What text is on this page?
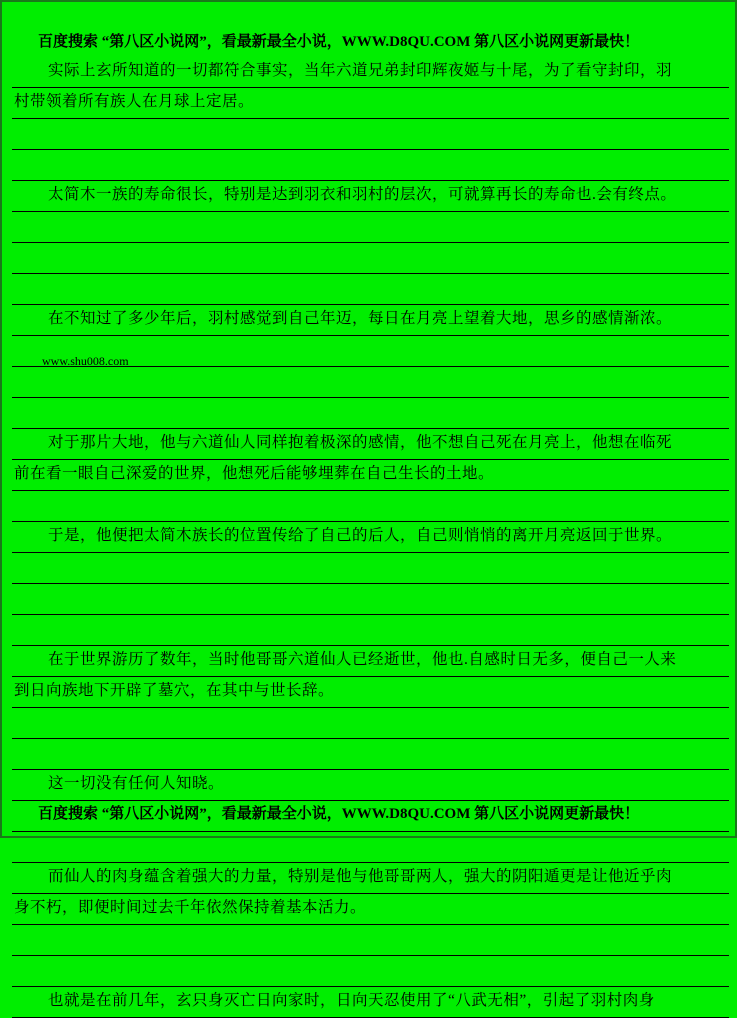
百度搜索 “第八区小说网”，看最新最全小说，WWW.D8QU.COM 第八区小说网更新最快！
实际上玄所知道的一切都符合事实，当年六道兄弟封印辉夜姬与十尾，为了看守封印，羽
村带领着所有族人在月球上定居。
太简木一族的寿命很长，特别是达到羽衣和羽村的层次，可就算再长的寿命也.会有终点。
在不知过了多少年后，羽村感觉到自己年迈，每日在月亮上望着大地，思乡的感情渐浓。
对于那片大地，他与六道仙人同样抱着极深的感情，他不想自己死在月亮上，他想在临死
前在看一眼自己深爱的世界，他想死后能够埋葬在自己生长的土地。
于是，他便把太简木族长的位置传给了自己的后人，自己则悄悄的离开月亮返回于世界。
在于世界游历了数年，当时他哥哥六道仙人已经逝世，他也.自感时日无多，便自己一人来
到日向族地下开辟了墓穴，在其中与世长辞。
这一切没有任何人知晓。
而仙人的肉身蕴含着强大的力量，特别是他与他哥哥两人，强大的阴阳遁更是让他近乎肉
身不朽，即便时间过去千年依然保持着基本活力。
也就是在前几年，玄只身灭亡日向家时，日向天忍使用了“八武无相”，引起了羽村肉身
www.shu008.com
百度搜索 “第八区小说网”，看最新最全小说，WWW.D8QU.COM 第八区小说网更新最快！
